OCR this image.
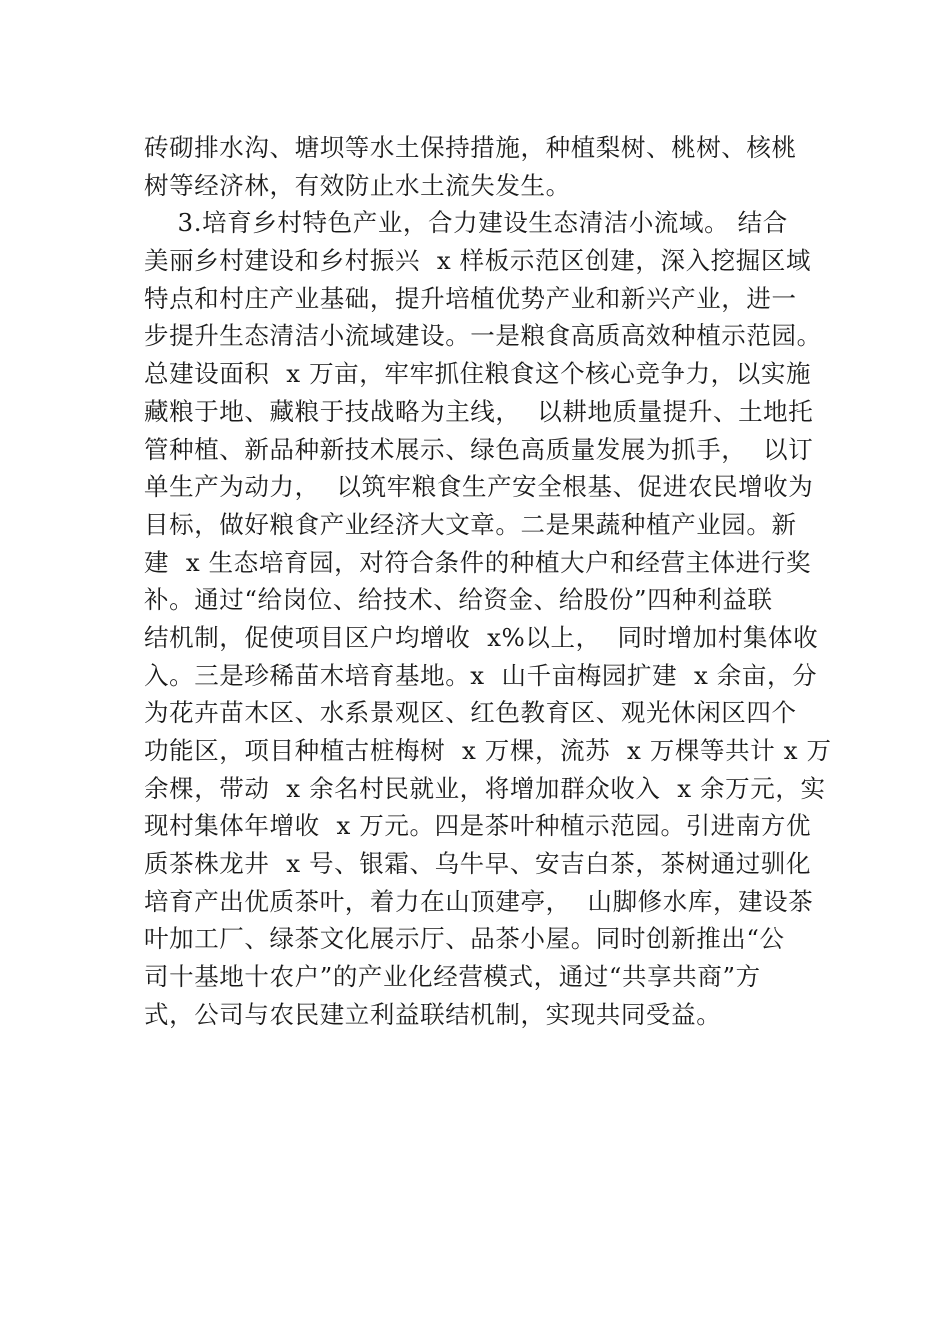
砖砌排水沟、塘坝等水土保持措施，种植梨树、桃树、核桃
树等经济林，有效防止水土流失发生。
3.培育乡村特色产业，合力建设生态清洁小流域。 结合
美丽乡村建设和乡村振兴  x 样板示范区创建，深入挖掘区域
特点和村庄产业基础，提升培植优势产业和新兴产业，进一
步提升生态清洁小流域建设。一是粮食高质高效种植示范园。
总建设面积  x 万亩，牢牢抓住粮食这个核心竞争力，以实施
藏粮于地、藏粮于技战略为主线，  以耕地质量提升、土地托
管种植、新品种新技术展示、绿色高质量发展为抓手，  以订
单生产为动力，  以筑牢粮食生产安全根基、促进农民增收为
目标，做好粮食产业经济大文章。二是果蔬种植产业园。新
建  x 生态培育园，对符合条件的种植大户和经营主体进行奖
补。通过“给岗位、给技术、给资金、给股份”四种利益联
结机制，促使项目区户均增收  x%以上，  同时增加村集体收
入。三是珍稀苗木培育基地。x  山千亩梅园扩建  x 余亩，分
为花卉苗木区、水系景观区、红色教育区、观光休闲区四个
功能区，项目种植古桩梅树  x 万棵，流苏  x 万棵等共计 x 万
余棵，带动  x 余名村民就业，将增加群众收入  x 余万元，实
现村集体年增收  x 万元。四是茶叶种植示范园。引进南方优
质茶株龙井  x 号、银霜、乌牛早、安吉白茶，茶树通过驯化
培育产出优质茶叶，着力在山顶建亭，  山脚修水库，建设茶
叶加工厂、绿茶文化展示厅、品茶小屋。同时创新推出“公
司十基地十农户”的产业化经营模式，通过“共享共商”方
式，公司与农民建立利益联结机制，实现共同受益。
